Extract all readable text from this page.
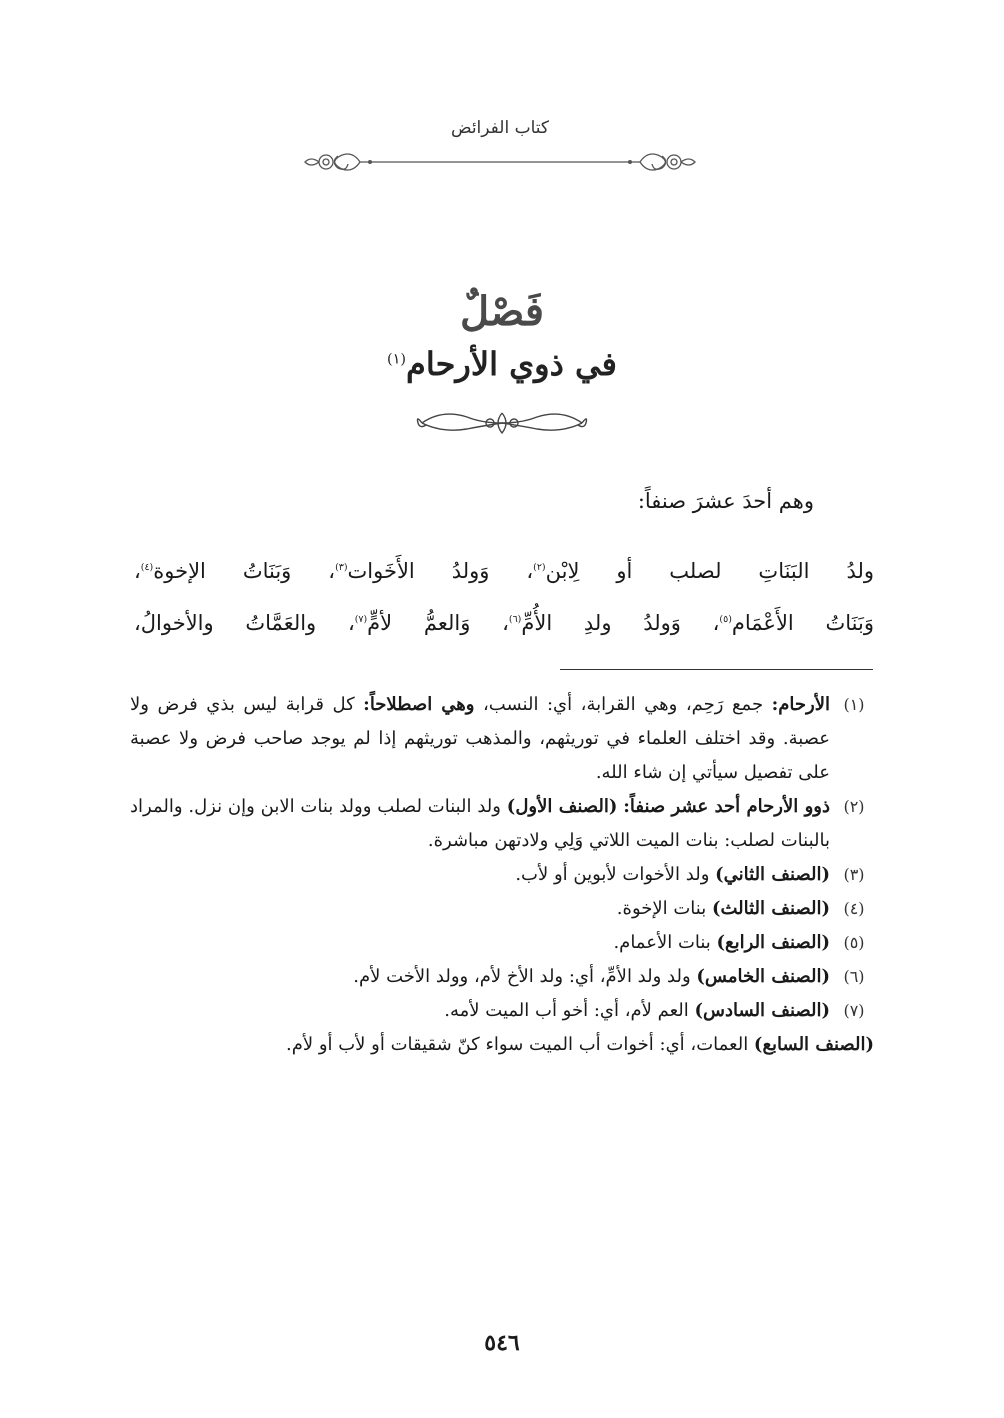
كتاب الفرائض
فَصْلٌ
في ذوي الأرحام$^{(١)}$
وهم أحدَ عشرَ صنفاً:
ولدُ البَنَاتِ لصلب أو لِابْن$^{(٢)}$، وَولدُ الأَخَوات$^{(٣)}$، وَبَنَاتُ الإخوة$^{(٤)}$،
وَبَنَاتُ الأَعْمَام$^{(٥)}$، وَولدُ ولدِ الأُمِّ$^{(٦)}$، وَالعمُّ لأمٍّ$^{(٧)}$، والعَمَّاتُ والأخوالُ،

(١)
الأرحام: جمع رَحِم، وهي القرابة، أي: النسب، وهي اصطلاحاً: كل قرابة ليس بذي فرض ولا عصبة. وقد اختلف العلماء في توريثهم، والمذهب توريثهم إذا لم يوجد صاحب فرض ولا عصبة على تفصيل سيأتي إن شاء الله.

(٢)
ذوو الأرحام أحد عشر صنفاً: (الصنف الأول) ولد البنات لصلب وولد بنات الابن وإن نزل. والمراد بالبنات لصلب: بنات الميت اللاتي وَلِي ولادتهن مباشرة.

(٣)
(الصنف الثاني) ولد الأخوات لأبوين أو لأب.

(٤)
(الصنف الثالث) بنات الإخوة.

(٥)
(الصنف الرابع) بنات الأعمام.

(٦)
(الصنف الخامس) ولد ولد الأمِّ، أي: ولد الأخ لأم، وولد الأخت لأم.

(٧)
(الصنف السادس) العم لأم، أي: أخو أب الميت لأمه.

(الصنف السابع) العمات، أي: أخوات أب الميت سواء كنّ شقيقات أو لأب أو لأم.

٥٤٦
